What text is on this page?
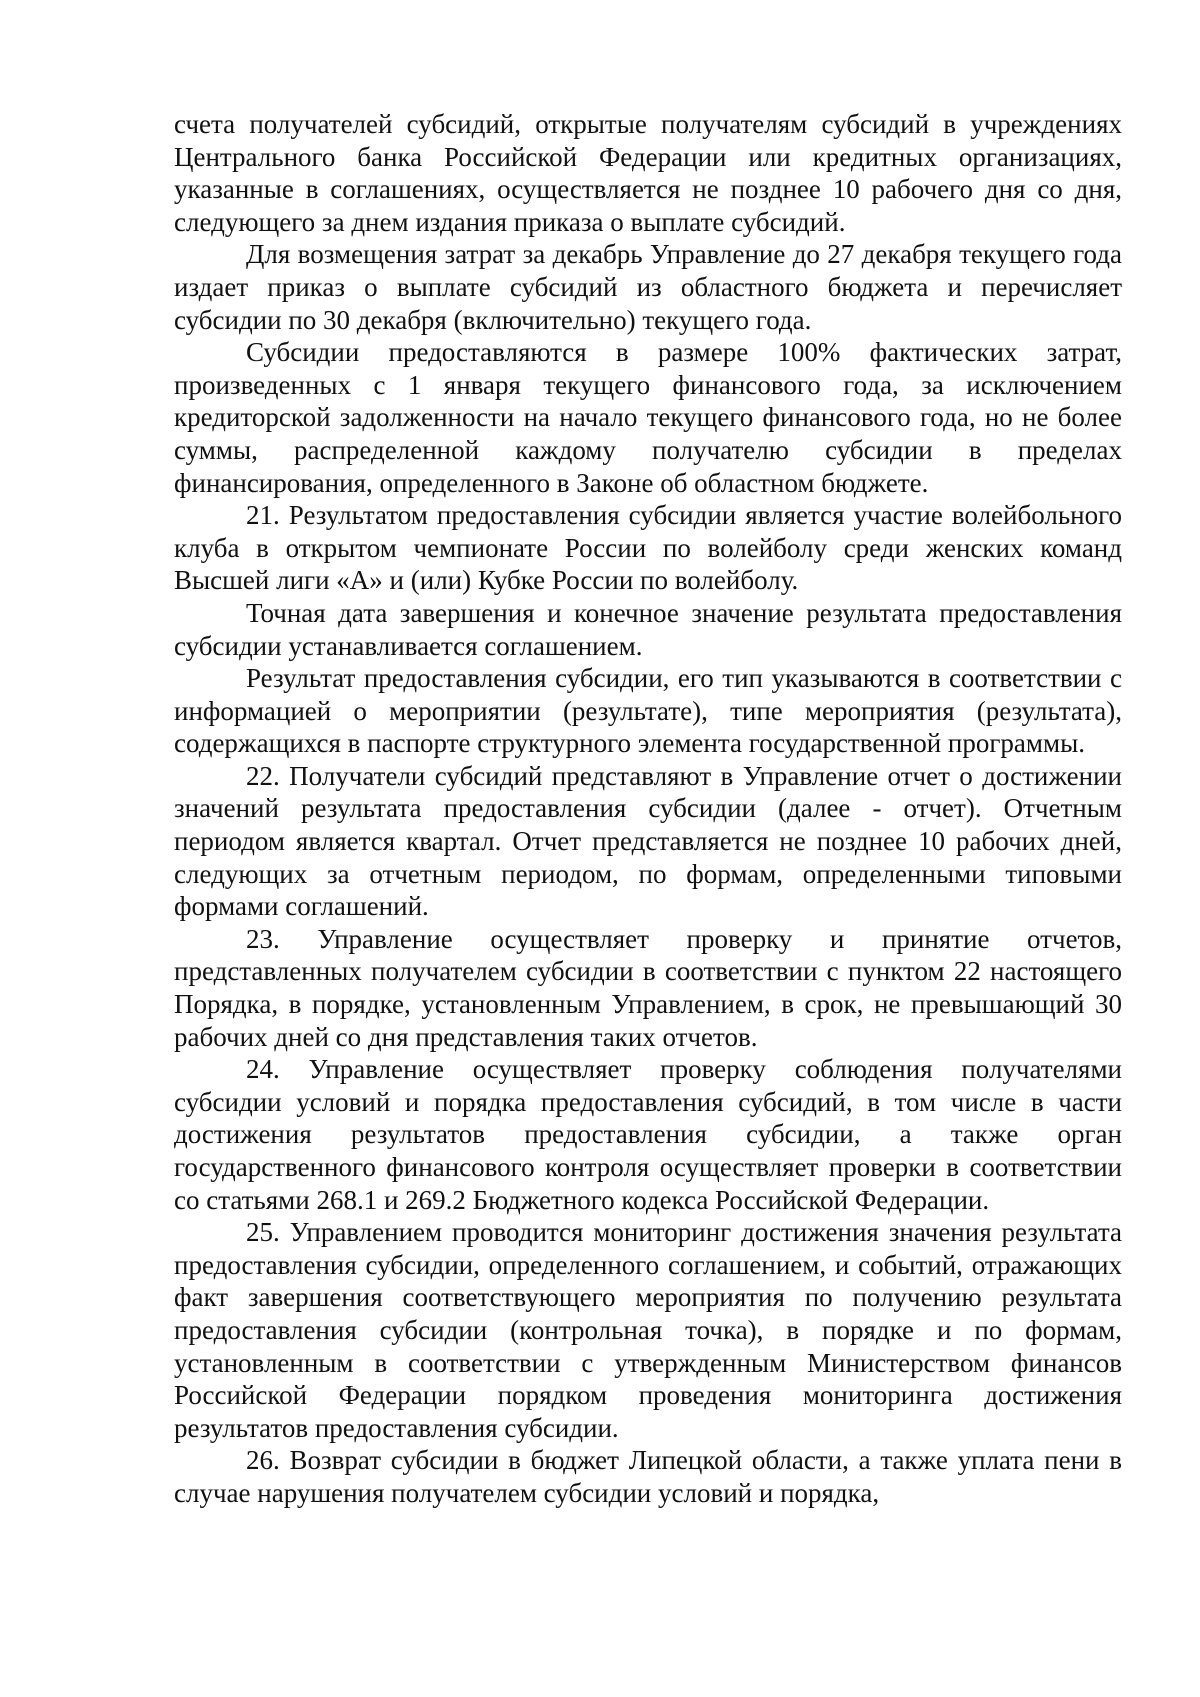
счета получателей субсидий, открытые получателям субсидий в учреждениях Центрального банка Российской Федерации или кредитных организациях, указанные в соглашениях, осуществляется не позднее 10 рабочего дня со дня, следующего за днем издания приказа о выплате субсидий.

Для возмещения затрат за декабрь Управление до 27 декабря текущего года издает приказ о выплате субсидий из областного бюджета и перечисляет субсидии по 30 декабря (включительно) текущего года.

Субсидии предоставляются в размере 100% фактических затрат, произведенных с 1 января текущего финансового года, за исключением кредиторской задолженности на начало текущего финансового года, но не более суммы, распределенной каждому получателю субсидии в пределах финансирования, определенного в Законе об областном бюджете.

21. Результатом предоставления субсидии является участие волейбольного клуба в открытом чемпионате России по волейболу среди женских команд Высшей лиги «А» и (или) Кубке России по волейболу.

Точная дата завершения и конечное значение результата предоставления субсидии устанавливается соглашением.

Результат предоставления субсидии, его тип указываются в соответствии с информацией о мероприятии (результате), типе мероприятия (результата), содержащихся в паспорте структурного элемента государственной программы.

22. Получатели субсидий представляют в Управление отчет о достижении значений результата предоставления субсидии (далее - отчет). Отчетным периодом является квартал. Отчет представляется не позднее 10 рабочих дней, следующих за отчетным периодом, по формам, определенными типовыми формами соглашений.

23. Управление осуществляет проверку и принятие отчетов, представленных получателем субсидии в соответствии с пунктом 22 настоящего Порядка, в порядке, установленным Управлением, в срок, не превышающий 30 рабочих дней со дня представления таких отчетов.

24. Управление осуществляет проверку соблюдения получателями субсидии условий и порядка предоставления субсидий, в том числе в части достижения результатов предоставления субсидии, а также орган государственного финансового контроля осуществляет проверки в соответствии со статьями 268.1 и 269.2 Бюджетного кодекса Российской Федерации.

25. Управлением проводится мониторинг достижения значения результата предоставления субсидии, определенного соглашением, и событий, отражающих факт завершения соответствующего мероприятия по получению результата предоставления субсидии (контрольная точка), в порядке и по формам, установленным в соответствии с утвержденным Министерством финансов Российской Федерации порядком проведения мониторинга достижения результатов предоставления субсидии.

26. Возврат субсидии в бюджет Липецкой области, а также уплата пени в случае нарушения получателем субсидии условий и порядка,
